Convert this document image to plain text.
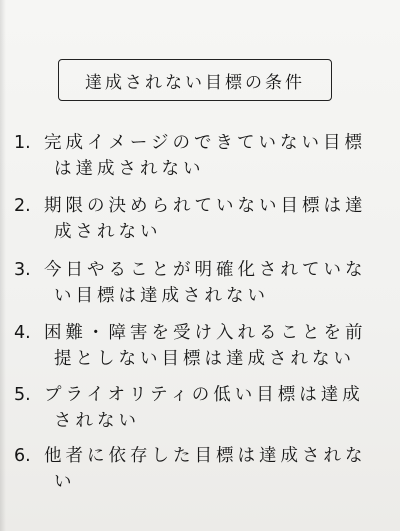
達成されない目標の条件
1. 完成イメージのできていない目標
は達成されない
2. 期限の決められていない目標は達
成されない
3. 今日やることが明確化されていな
い目標は達成されない
4. 困難・障害を受け入れることを前
提としない目標は達成されない
5. プライオリティの低い目標は達成
されない
6. 他者に依存した目標は達成されな
い
